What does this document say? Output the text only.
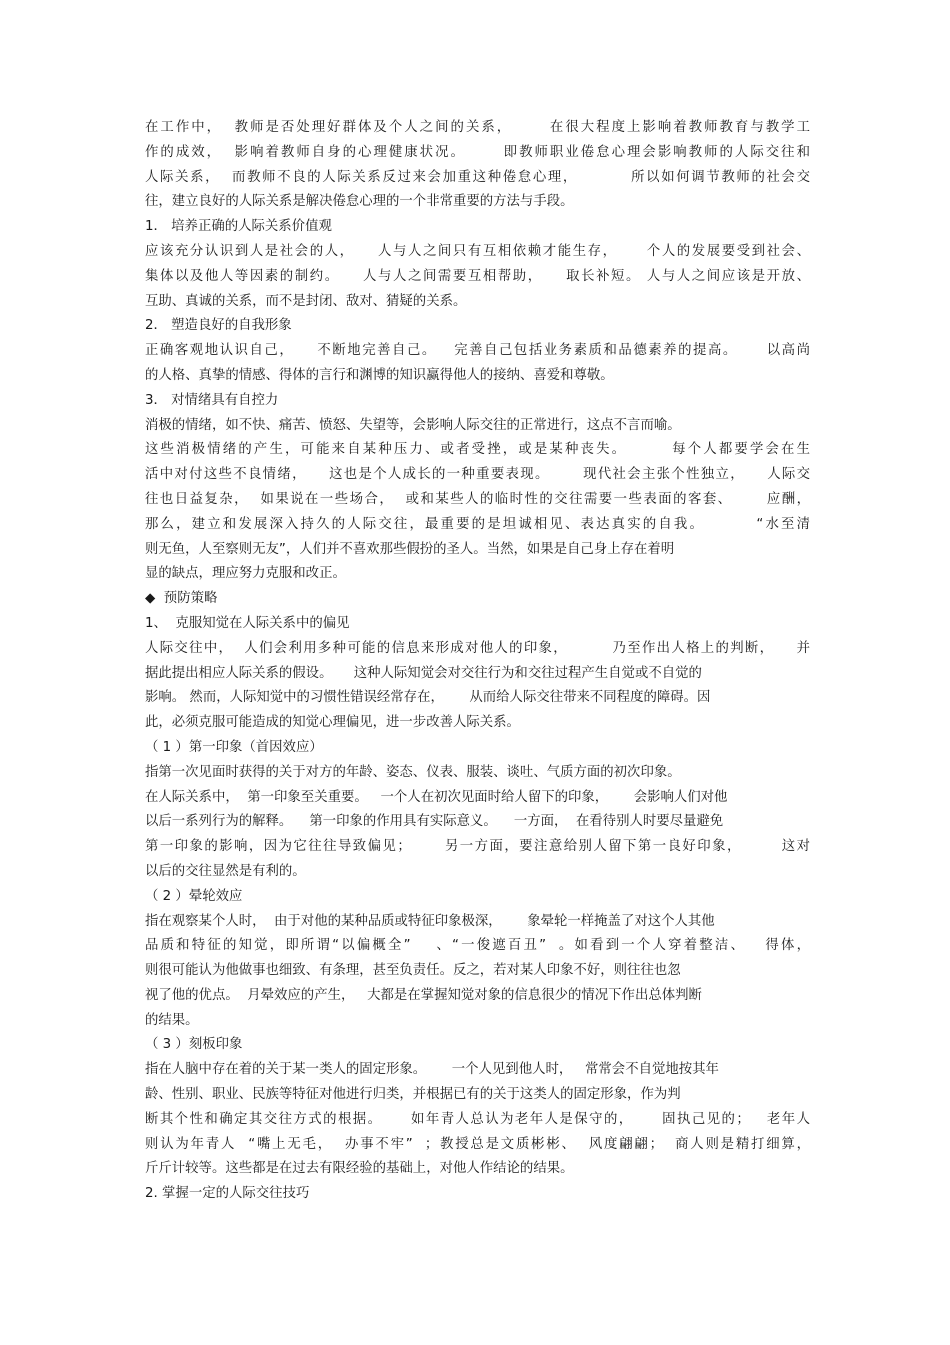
在工作中，  教师是否处理好群体及个人之间的关系，      在很大程度上影响着教师教育与教学工
作的成效，  影响着教师自身的心理健康状况。      即教师职业倦怠心理会影响教师的人际交往和
人际关系，  而教师不良的人际关系反过来会加重这种倦怠心理，         所以如何调节教师的社会交
往，建立良好的人际关系是解决倦怠心理的一个非常重要的方法与手段。
1． 培养正确的人际关系价值观
应该充分认识到人是社会的人，    人与人之间只有互相依赖才能生存，     个人的发展要受到社会、
集体以及他人等因素的制约。    人与人之间需要互相帮助，    取长补短。 人与人之间应该是开放、
互助、真诚的关系，而不是封闭、敌对、猜疑的关系。
2． 塑造良好的自我形象
正确客观地认识自己，    不断地完善自己。   完善自己包括业务素质和品德素养的提高。     以高尚
的人格、真挚的情感、得体的言行和渊博的知识赢得他人的接纳、喜爱和尊敬。
3． 对情绪具有自控力
消极的情绪，如不快、痛苦、愤怒、失望等，会影响人际交往的正常进行，这点不言而喻。
这些消极情绪的产生，可能来自某种压力、或者受挫，或是某种丧失。       每个人都要学会在生
活中对付这些不良情绪，    这也是个人成长的一种重要表现。      现代社会主张个性独立，    人际交
往也日益复杂，  如果说在一些场合，  或和某些人的临时性的交往需要一些表面的客套、      应酬，
那么，建立和发展深入持久的人际交往，最重要的是坦诚相见、表达真实的自我。        “水至清
则无鱼，人至察则无友”，人们并不喜欢那些假扮的圣人。当然，如果是自己身上存在着明
显的缺点，理应努力克服和改正。
◆  预防策略
1、  克服知觉在人际关系中的偏见
人际交往中，  人们会利用多种可能的信息来形成对他人的印象，        乃至作出人格上的判断，    并
据此提出相应人际关系的假设。     这种人际知觉会对交往行为和交往过程产生自觉或不自觉的
影响。 然而，人际知觉中的习惯性错误经常存在，      从而给人际交往带来不同程度的障碍。因
此，必须克服可能造成的知觉心理偏见，进一步改善人际关系。
（ 1 ）第一印象（首因效应）
指第一次见面时获得的关于对方的年龄、姿态、仪表、服装、谈吐、气质方面的初次印象。
在人际关系中，  第一印象至关重要。   一个人在初次见面时给人留下的印象，      会影响人们对他
以后一系列行为的解释。    第一印象的作用具有实际意义。    一方面，  在看待别人时要尽量避免
第一印象的影响，因为它往往导致偏见；      另一方面，要注意给别人留下第一良好印象，       这对
以后的交往显然是有利的。
（ 2 ）晕轮效应
指在观察某个人时，  由于对他的某种品质或特征印象极深，      象晕轮一样掩盖了对这个人其他
品质和特征的知觉，即所谓“以偏概全”    、“一俊遮百丑”  。如看到一个人穿着整洁、   得体，
则很可能认为他做事也细致、有条理，甚至负责任。反之，若对某人印象不好，则往往也忽
视了他的优点。  月晕效应的产生，   大都是在掌握知觉对象的信息很少的情况下作出总体判断
的结果。
（ 3 ）刻板印象
指在人脑中存在着的关于某一类人的固定形象。      一个人见到他人时，   常常会不自觉地按其年
龄、性别、职业、民族等特征对他进行归类，并根据已有的关于这类人的固定形象，作为判
断其个性和确定其交往方式的根据。     如年青人总认为老年人是保守的，     固执己见的；   老年人
则认为年青人  “嘴上无毛，  办事不牢”  ；教授总是文质彬彬、  风度翩翩；  商人则是精打细算，
斤斤计较等。这些都是在过去有限经验的基础上，对他人作结论的结果。
2. 掌握一定的人际交往技巧
